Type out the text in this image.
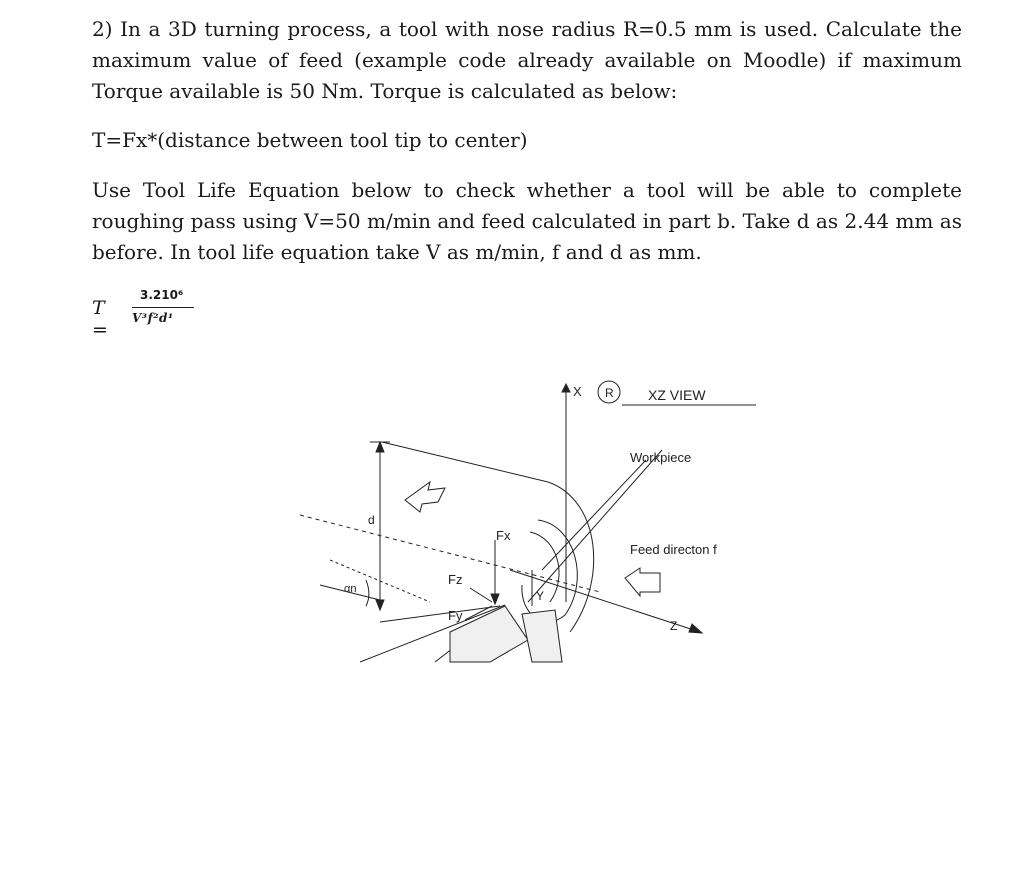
2) In a 3D turning process, a tool with nose radius R=0.5 mm is used. Calculate the maximum value of feed (example code already available on Moodle) if maximum Torque available is 50 Nm. Torque is calculated as below:

T=Fx*(distance between tool tip to center)

Use Tool Life Equation below to check whether a tool will be able to complete roughing pass using V=50 m/min and feed calculated in part b. Take d as 2.44 mm as before. In tool life equation take V as m/min, f and d as mm.

T =
3.210⁶
V³f²d¹
X R XZ VIEW
Workpiece
Feed directon f
Z
Y
d
αn
Fx
Fz
Fy
